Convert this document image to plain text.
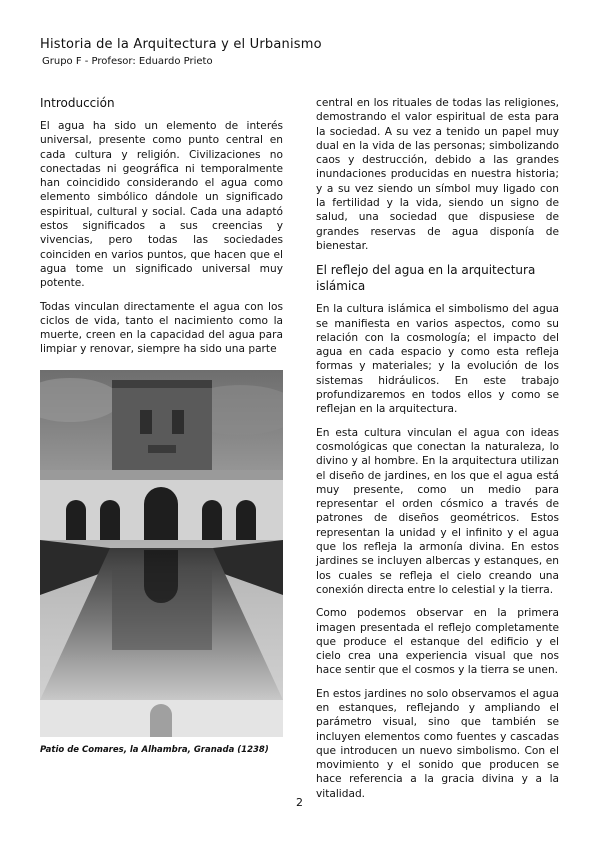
Historia de la Arquitectura y el Urbanismo
Grupo F - Profesor: Eduardo Prieto
Introducción

El agua ha sido un elemento de interés universal, presente como punto central en cada cultura y religión. Civilizaciones no conectadas ni geográfica ni temporalmente han coincidido considerando el agua como elemento simbólico dándole un significado espiritual, cultural y social. Cada una adaptó estos significados a sus creencias y vivencias, pero todas las sociedades coinciden en varios puntos, que hacen que el agua tome un significado universal muy potente.

Todas vinculan directamente el agua con los ciclos de vida, tanto el nacimiento como la muerte, creen en la capacidad del agua para limpiar y renovar, siempre ha sido una parte

Patio de Comares, la Alhambra, Granada (1238)

central en los rituales de todas las religiones, demostrando el valor espiritual de esta para la sociedad. A su vez a tenido un papel muy dual en la vida de las personas; simbolizando caos y destrucción, debido a las grandes inundaciones producidas en nuestra historia; y a su vez siendo un símbol muy ligado con la fertilidad y la vida, siendo un signo de salud, una sociedad que dispusiese de grandes reservas de agua disponía de bienestar.

El reflejo del agua en la arquitectura islámica

En la cultura islámica el simbolismo del agua se manifiesta en varios aspectos, como su relación con la cosmología; el impacto del agua en cada espacio y como esta refleja formas y materiales; y la evolución de los sistemas hidráulicos. En este trabajo profundizaremos en todos ellos y como se reflejan en la arquitectura.

En esta cultura vinculan el agua con ideas cosmológicas que conectan la naturaleza, lo divino y al hombre. En la arquitectura utilizan el diseño de jardines, en los que el agua está muy presente, como un medio para representar el orden cósmico a través de patrones de diseños geométricos. Estos representan la unidad y el infinito y el agua que los refleja la armonía divina. En estos jardines se incluyen albercas y estanques, en los cuales se refleja el cielo creando una conexión directa entre lo celestial y la tierra.

Como podemos observar en la primera imagen presentada el reflejo completamente que produce el estanque del edificio y el cielo crea una experiencia visual que nos hace sentir que el cosmos y la tierra se unen.

En estos jardines no solo observamos el agua en estanques, reflejando y ampliando el parámetro visual, sino que también se incluyen elementos como fuentes y cascadas que introducen un nuevo simbolismo. Con el movimiento y el sonido que producen se hace referencia a la gracia divina y a la vitalidad.

2
